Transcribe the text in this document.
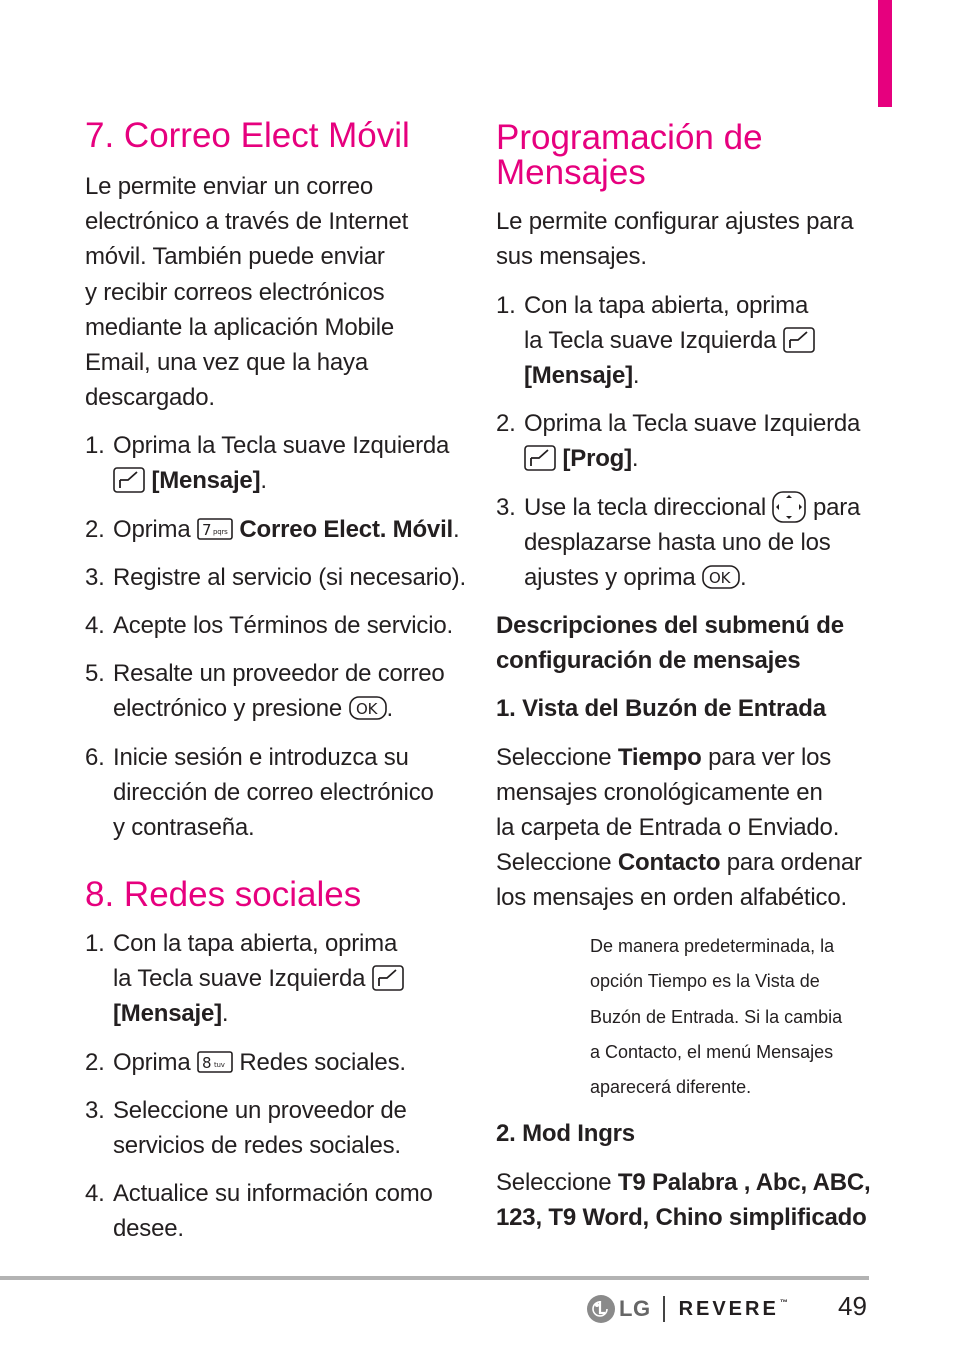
7. Correo Elect Móvil

Le permite enviar un correo

electrónico a través de Internet

móvil. También puede enviar

y recibir correos electrónicos

mediante la aplicación Mobile

Email, una vez que la haya

descargado.

1. Oprima la Tecla suave Izquierda
[Mensaje].
2. Oprima 7 pqrs Correo Elect. Móvil.
3. Registre al servicio (si necesario).
4. Acepte los Términos de servicio.
5. Resalte un proveedor de correo
electrónico y presione OK .
6. Inicie sesión e introduzca su
dirección de correo electrónico
y contraseña.
8. Redes sociales
1. Con la tapa abierta, oprima
la Tecla suave Izquierda
[Mensaje].
2. Oprima 8 tuv Redes sociales.
3. Seleccione un proveedor de
servicios de redes sociales.
4. Actualice su información como
desee.
Programación de
Mensajes

Le permite configurar ajustes para

sus mensajes.

1. Con la tapa abierta, oprima
la Tecla suave Izquierda
[Mensaje].
2. Oprima la Tecla suave Izquierda
[Prog].
3. Use la tecla direccional para
desplazarse hasta uno de los
ajustes y oprima OK .

Descripciones del submenú de

configuración de mensajes

1. Vista del Buzón de Entrada

Seleccione Tiempo para ver los

mensajes cronológicamente en

la carpeta de Entrada o Enviado.

Seleccione Contacto para ordenar

los mensajes en orden alfabético.

2. Mod Ingrs

Seleccione T9 Palabra , Abc, ABC,

123, T9 Word, Chino simplificado

De manera predeterminada, la
opción Tiempo es la Vista de
Buzón de Entrada. Si la cambia
a Contacto, el menú Mensajes
aparecerá diferente.
LG REVERE™ 49
